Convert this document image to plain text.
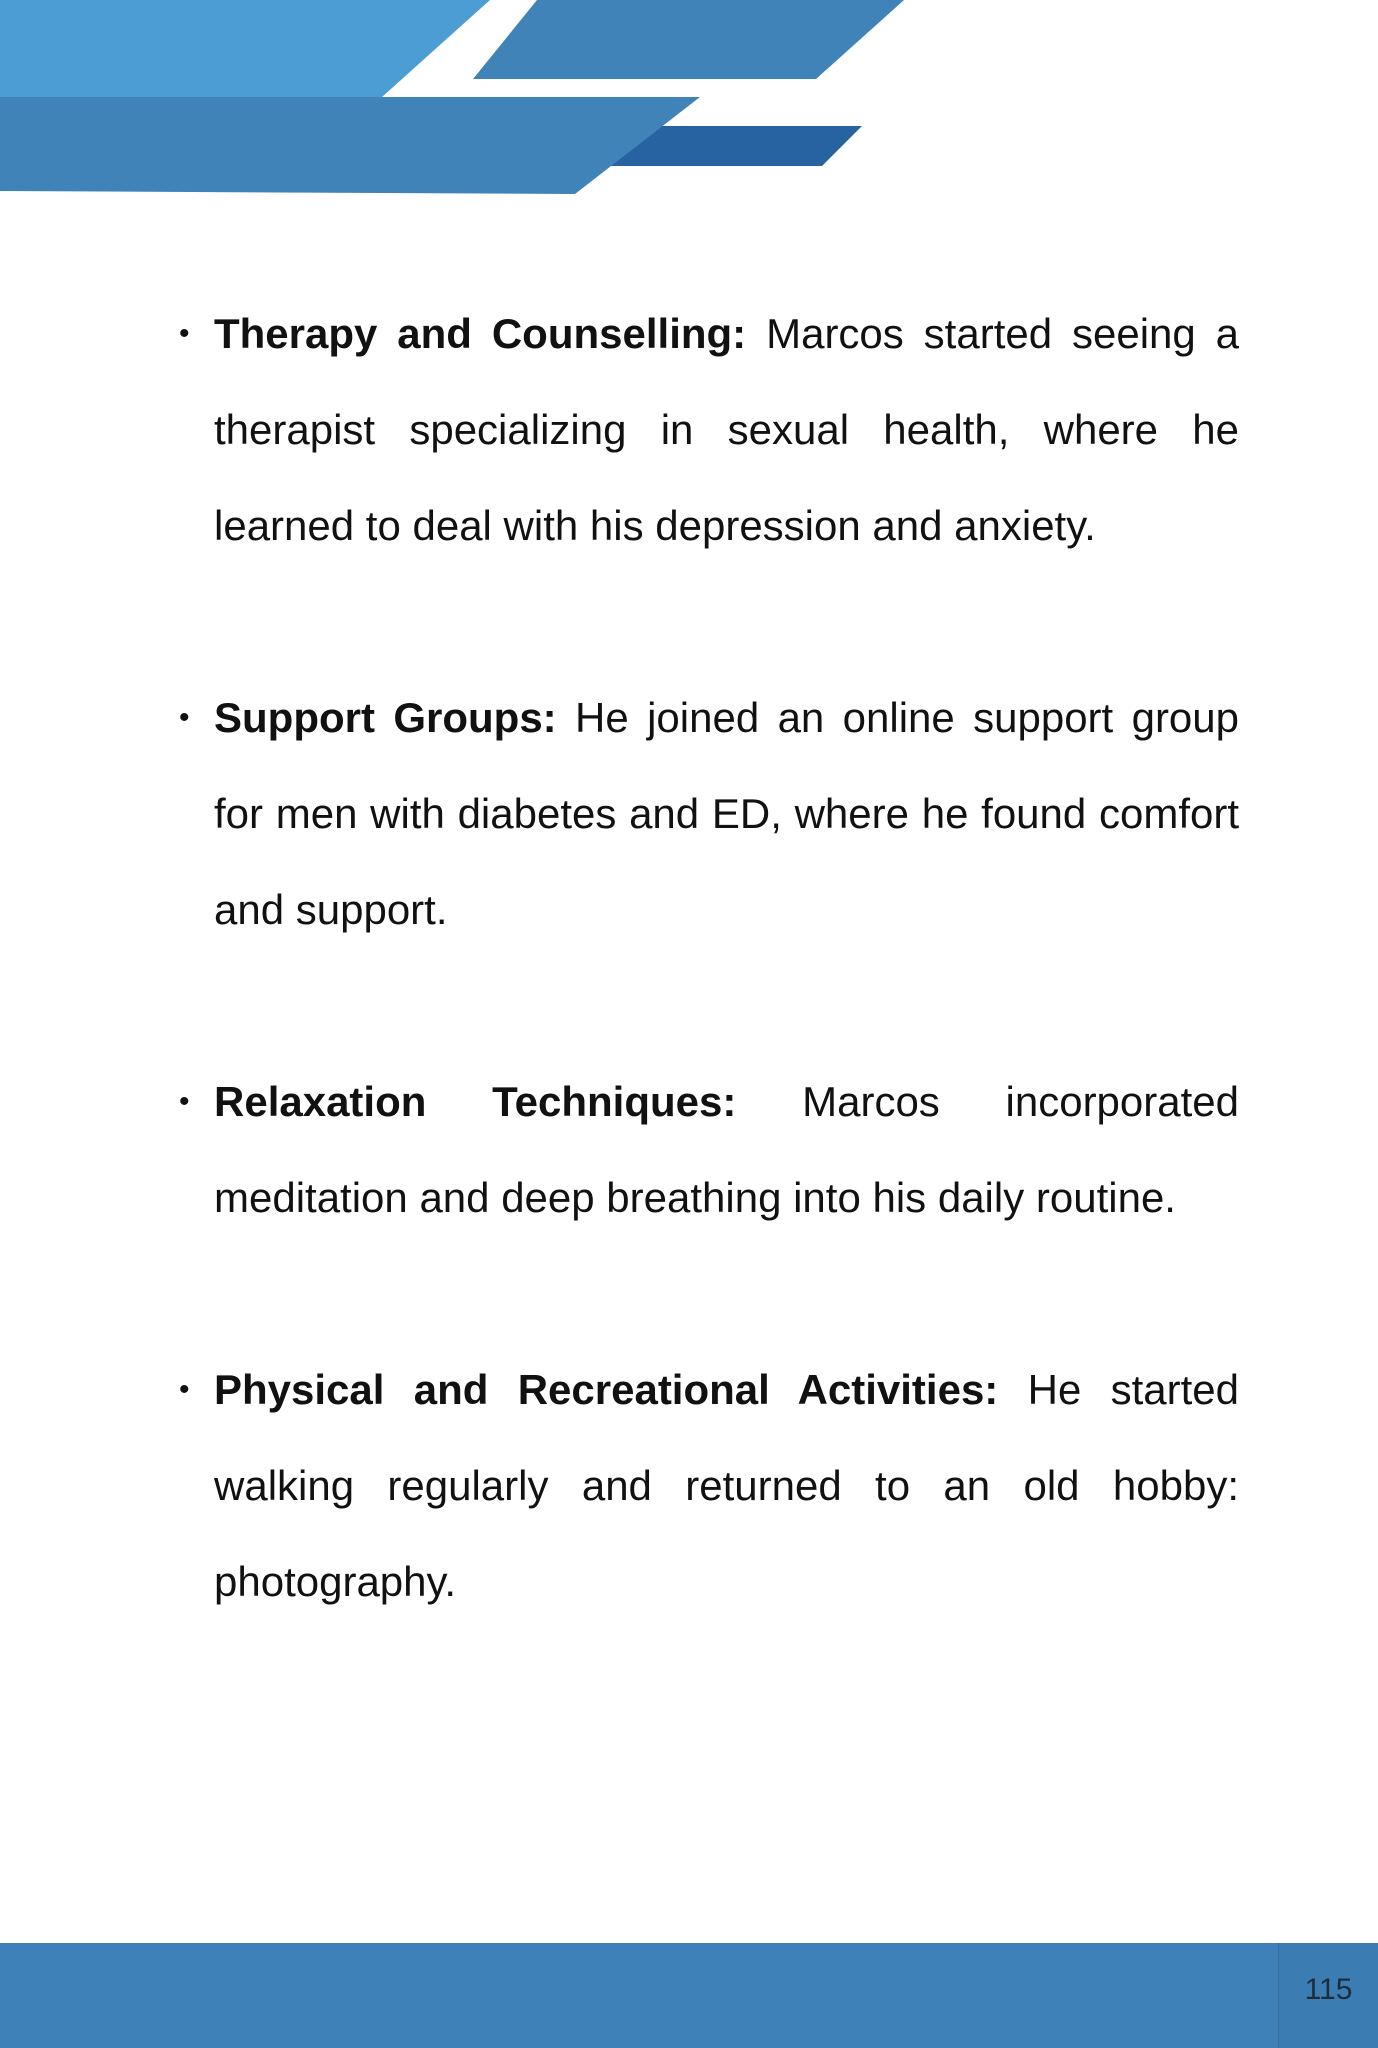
• Therapy and Counselling: Marcos started seeing a therapist specializing in sexual health, where he learned to deal with his depression and anxiety.
• Support Groups: He joined an online support group for men with diabetes and ED, where he found comfort and support.
• Relaxation Techniques: Marcos incorporated meditation and deep breathing into his daily routine.
• Physical and Recreational Activities: He started walking regularly and returned to an old hobby: photography.
115
